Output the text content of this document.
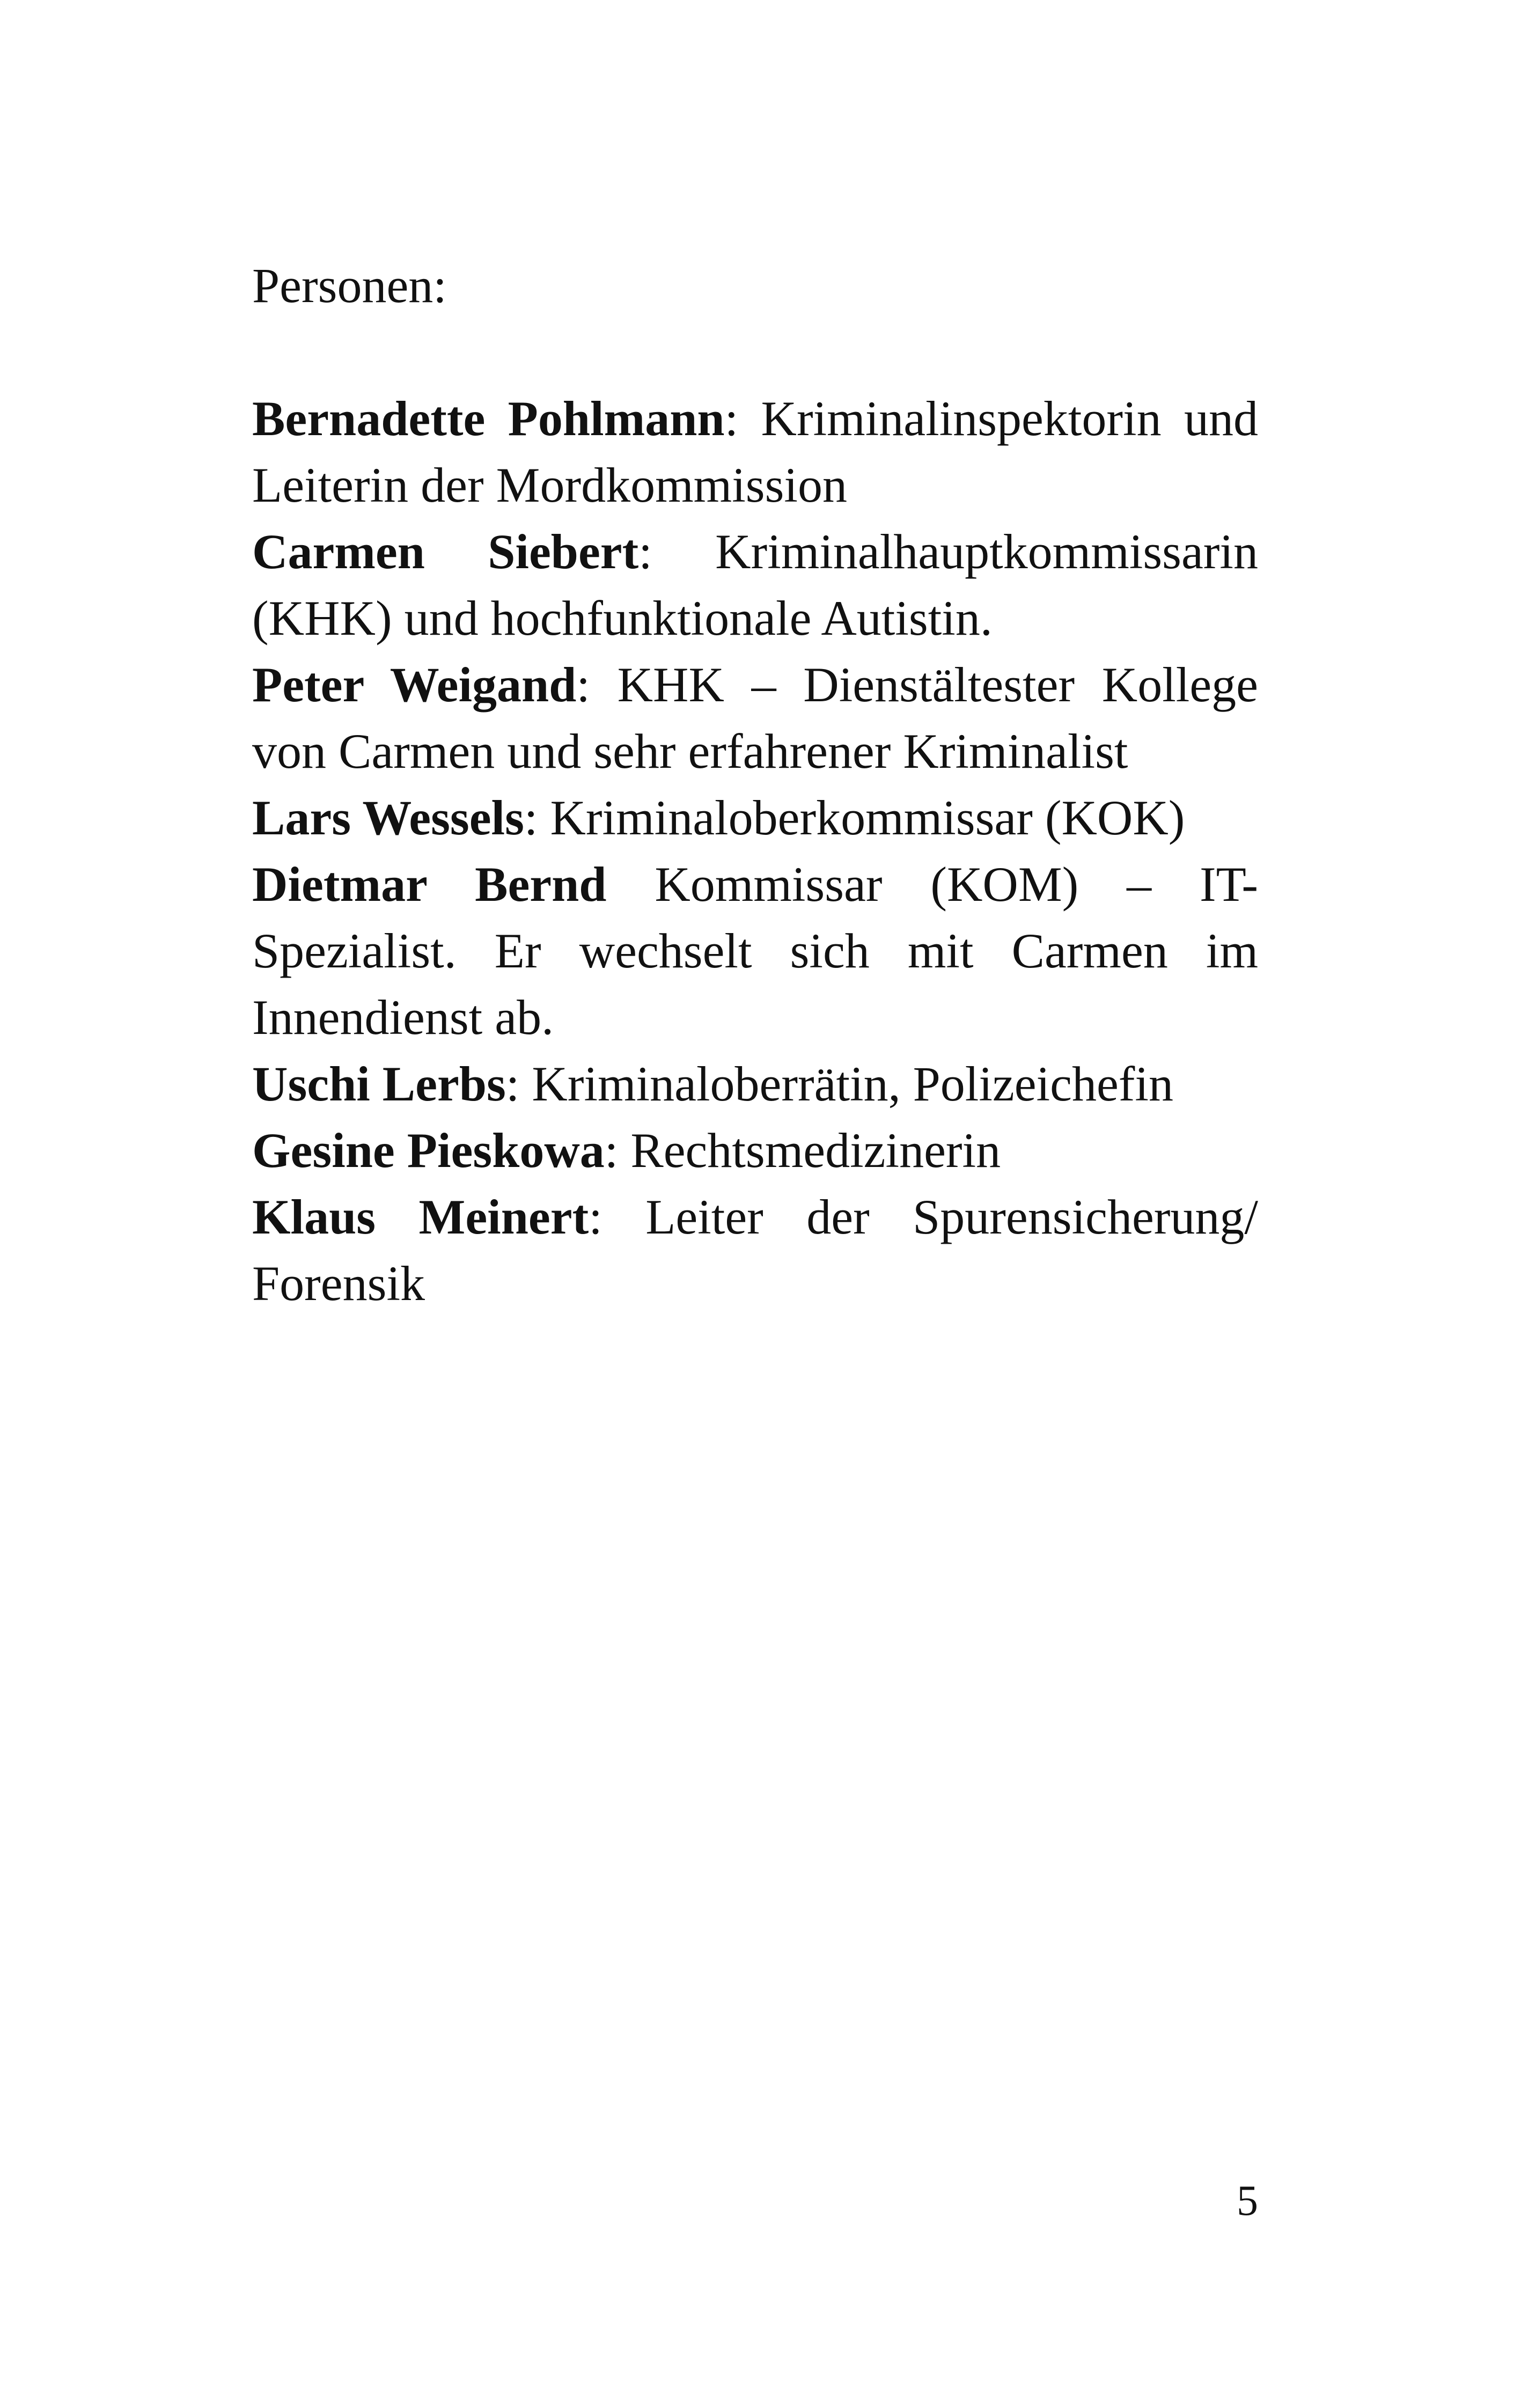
Personen:

Bernadette Pohlmann: Kriminalinspektorin und Leiterin der Mordkommission

Carmen Siebert: Kriminalhauptkommissarin (KHK) und hochfunktionale Autistin.

Peter Weigand: KHK – Dienstältester Kollege von Carmen und sehr erfahrener Kriminalist

Lars Wessels: Kriminaloberkommissar (KOK)

Dietmar Bernd Kommissar (KOM) – IT-Spezialist. Er wechselt sich mit Carmen im Innendienst ab.

Uschi Lerbs: Kriminaloberrätin, Polizeichefin

Gesine Pieskowa: Rechtsmedizinerin

Klaus Meinert: Leiter der Spurensicherung/ Forensik

5
